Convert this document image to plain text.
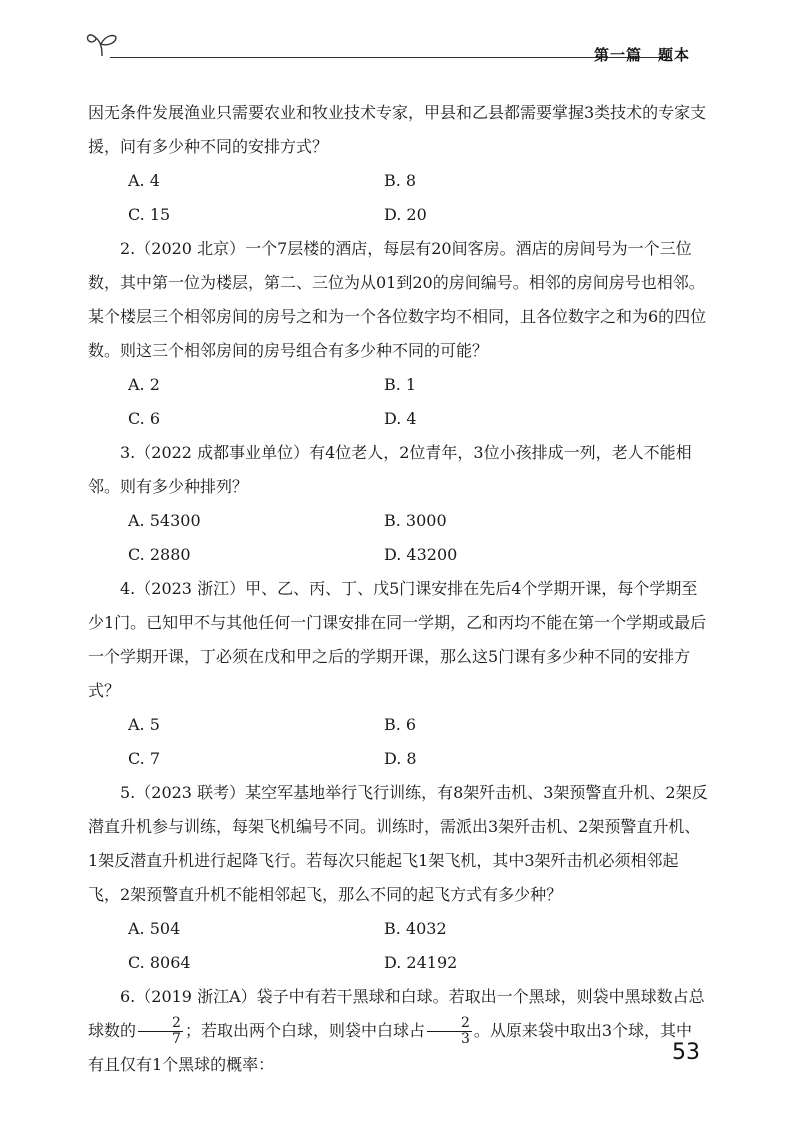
第一篇　题本

因无条件发展渔业只需要农业和牧业技术专家，甲县和乙县都需要掌握3类技术的专家支援，问有多少种不同的安排方式？

A. 4	B. 8
C. 15	D. 20

2.（2020 北京）一个7层楼的酒店，每层有20间客房。酒店的房间号为一个三位数，其中第一位为楼层，第二、三位为从01到20的房间编号。相邻的房间房号也相邻。某个楼层三个相邻房间的房号之和为一个各位数字均不相同，且各位数字之和为6的四位数。则这三个相邻房间的房号组合有多少种不同的可能？

A. 2	B. 1
C. 6	D. 4

3.（2022 成都事业单位）有4位老人，2位青年，3位小孩排成一列，老人不能相邻。则有多少种排列？

A. 54300	B. 3000
C. 2880	D. 43200

4.（2023 浙江）甲、乙、丙、丁、戊5门课安排在先后4个学期开课，每个学期至少1门。已知甲不与其他任何一门课安排在同一学期，乙和丙均不能在第一个学期或最后一个学期开课，丁必须在戊和甲之后的学期开课，那么这5门课有多少种不同的安排方式？

A. 5	B. 6
C. 7	D. 8

5.（2023 联考）某空军基地举行飞行训练，有8架歼击机、3架预警直升机、2架反潜直升机参与训练，每架飞机编号不同。训练时，需派出3架歼击机、2架预警直升机、1架反潜直升机进行起降飞行。若每次只能起飞1架飞机，其中3架歼击机必须相邻起飞，2架预警直升机不能相邻起飞，那么不同的起飞方式有多少种？

A. 504	B. 4032
C. 8064	D. 24192

6.（2019 浙江A）袋子中有若干黑球和白球。若取出一个黑球，则袋中黑球数占总球数的 $\frac{2}{7}$ ；若取出两个白球，则袋中白球占 $\frac{2}{3}$ 。从原来袋中取出3个球，其中有且仅有1个黑球的概率：	53
